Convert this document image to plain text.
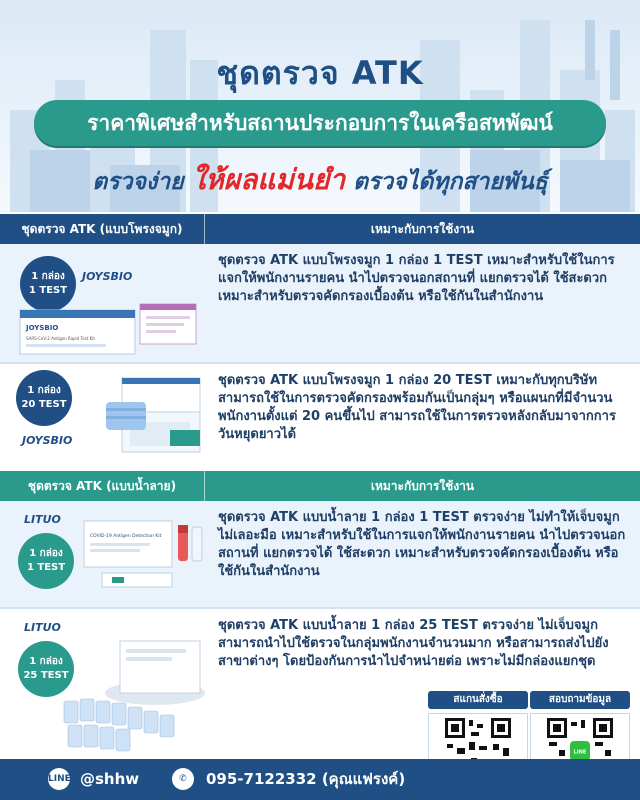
ชุดตรวจ ATK
ราคาพิเศษสำหรับสถานประกอบการในเครือสหพัฒน์
ตรวจง่าย ให้ผลแม่นยำ ตรวจได้ทุกสายพันธุ์
ชุดตรวจ ATK (แบบโพรงจมูก)	เหมาะกับการใช้งาน
1 กล่อง
1 TEST
JOYSBIO
JOYSBIO
SARS-CoV-2 Antigen Rapid Test Kit
ชุดตรวจ ATK แบบโพรงจมูก 1 กล่อง 1 TEST เหมาะสำหรับใช้ในการแจกให้พนักงานรายคน นำไปตรวจนอกสถานที่ แยกตรวจได้ ใช้สะดวก เหมาะสำหรับตรวจคัดกรองเบื้องต้น หรือใช้กันในสำนักงาน
1 กล่อง
20 TEST
JOYSBIO
ชุดตรวจ ATK แบบโพรงจมูก 1 กล่อง 20 TEST เหมาะกับทุกบริษัท สามารถใช้ในการตรวจคัดกรองพร้อมกันเป็นกลุ่มๆ หรือแผนกที่มีจำนวนพนักงานตั้งแต่ 20 คนขึ้นไป สามารถใช้ในการตรวจหลังกลับมาจากการวันหยุดยาวได้
ชุดตรวจ ATK (แบบน้ำลาย)	เหมาะกับการใช้งาน
LITUO
1 กล่อง
1 TEST
COVID-19 Antigen Detection Kit
ชุดตรวจ ATK แบบน้ำลาย 1 กล่อง 1 TEST ตรวจง่าย ไม่ทำให้เจ็บจมูก ไม่เลอะมือ เหมาะสำหรับใช้ในการแจกให้พนักงานรายคน นำไปตรวจนอกสถานที่ แยกตรวจได้ ใช้สะดวก เหมาะสำหรับตรวจคัดกรองเบื้องต้น หรือใช้กันในสำนักงาน
LITUO
1 กล่อง
25 TEST
ชุดตรวจ ATK แบบน้ำลาย 1 กล่อง 25 TEST ตรวจง่าย ไม่เจ็บจมูก สามารถนำไปใช้ตรวจในกลุ่มพนักงานจำนวนมาก หรือสามารถส่งไปยังสาขาต่างๆ โดยป้องกันการนำไปจำหน่ายต่อ เพราะไม่มีกล่องแยกชุด
สแกนสั่งซื้อ	สอบถามข้อมูล
LINE
LINE @shhw	✆	095-7122332 (คุณแฟรงค์)
